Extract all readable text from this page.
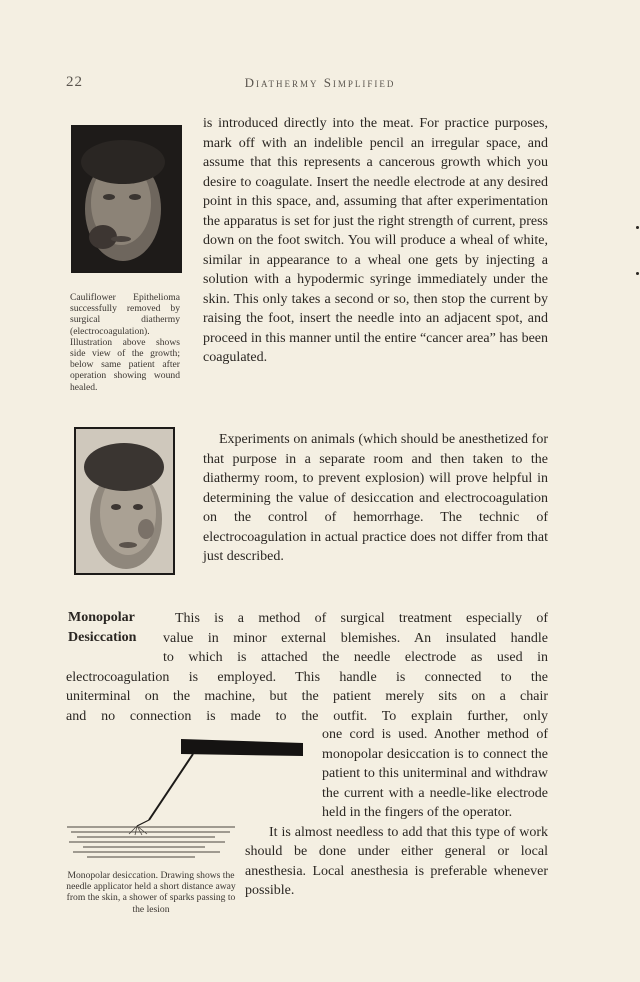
22	Diathermy Simplified
Cauliflower Epithelioma successfully removed by surgical diathermy (electrocoagulation). Illustration above shows side view of the growth; below same patient after operation showing wound healed.
is introduced directly into the meat. For practice purposes, mark off with an indelible pencil an irregular space, and assume that this represents a cancerous growth which you desire to coagulate. Insert the needle electrode at any desired point in this space, and, assuming that after experimentation the apparatus is set for just the right strength of current, press down on the foot switch. You will produce a wheal of white, similar in appearance to a wheal one gets by injecting a solution with a hypodermic syringe immediately under the skin. This only takes a second or so, then stop the current by raising the foot, insert the needle into an adjacent spot, and proceed in this manner until the entire “cancer area” has been coagulated.
Experiments on animals (which should be anesthetized for that purpose in a separate room and then taken to the diathermy room, to prevent explosion) will prove helpful in determining the value of desiccation and electrocoagulation on the control of hemorrhage. The technic of electrocoagulation in actual practice does not differ from that just described.
Monopolar Desiccation
This is a method of surgical treatment especially of
value in minor external blemishes. An insulated handle
to which is attached the needle electrode as used in
electrocoagulation is employed. This handle is connected to the
uniterminal on the machine, but the patient merely sits on a chair
and no connection is made to the outfit. To explain further, only
Monopolar desiccation. Drawing shows the needle applicator held a short distance away from the skin, a shower of sparks passing to the lesion
one cord is used. Another method of monopolar desiccation is to connect the patient to this uniterminal and withdraw the current with a needle-like electrode held in the fingers of the operator.
It is almost needless to add that this type of work should be done under either general or local anesthesia. Local anesthesia is preferable whenever possible.
